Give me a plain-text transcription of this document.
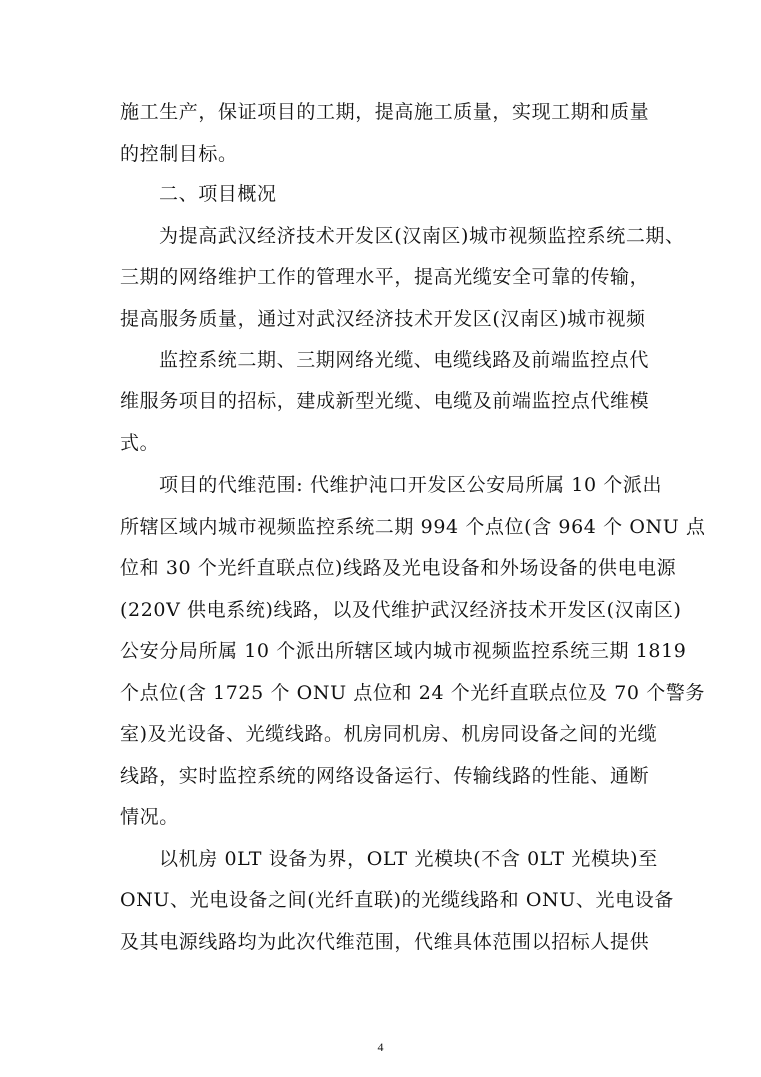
施工生产，保证项目的工期，提高施工质量，实现工期和质量
的控制目标。
二、项目概况
为提高武汉经济技术开发区(汉南区)城市视频监控系统二期、
三期的网络维护工作的管理水平，提高光缆安全可靠的传输，
提高服务质量，通过对武汉经济技术开发区(汉南区)城市视频
监控系统二期、三期网络光缆、电缆线路及前端监控点代
维服务项目的招标，建成新型光缆、电缆及前端监控点代维模
式。
项目的代维范围: 代维护沌口开发区公安局所属 10 个派出
所辖区域内城市视频监控系统二期 994 个点位(含 964 个 ONU 点
位和 30 个光纤直联点位)线路及光电设备和外场设备的供电电源
(220V 供电系统)线路，以及代维护武汉经济技术开发区(汉南区)
公安分局所属 10 个派出所辖区域内城市视频监控系统三期 1819
个点位(含 1725 个 ONU 点位和 24 个光纤直联点位及 70 个警务
室)及光设备、光缆线路。机房同机房、机房同设备之间的光缆
线路，实时监控系统的网络设备运行、传输线路的性能、通断
情况。
以机房 0LT 设备为界，OLT 光模块(不含 0LT 光模块)至
ONU、光电设备之间(光纤直联)的光缆线路和 ONU、光电设备
及其电源线路均为此次代维范围，代维具体范围以招标人提供
4
